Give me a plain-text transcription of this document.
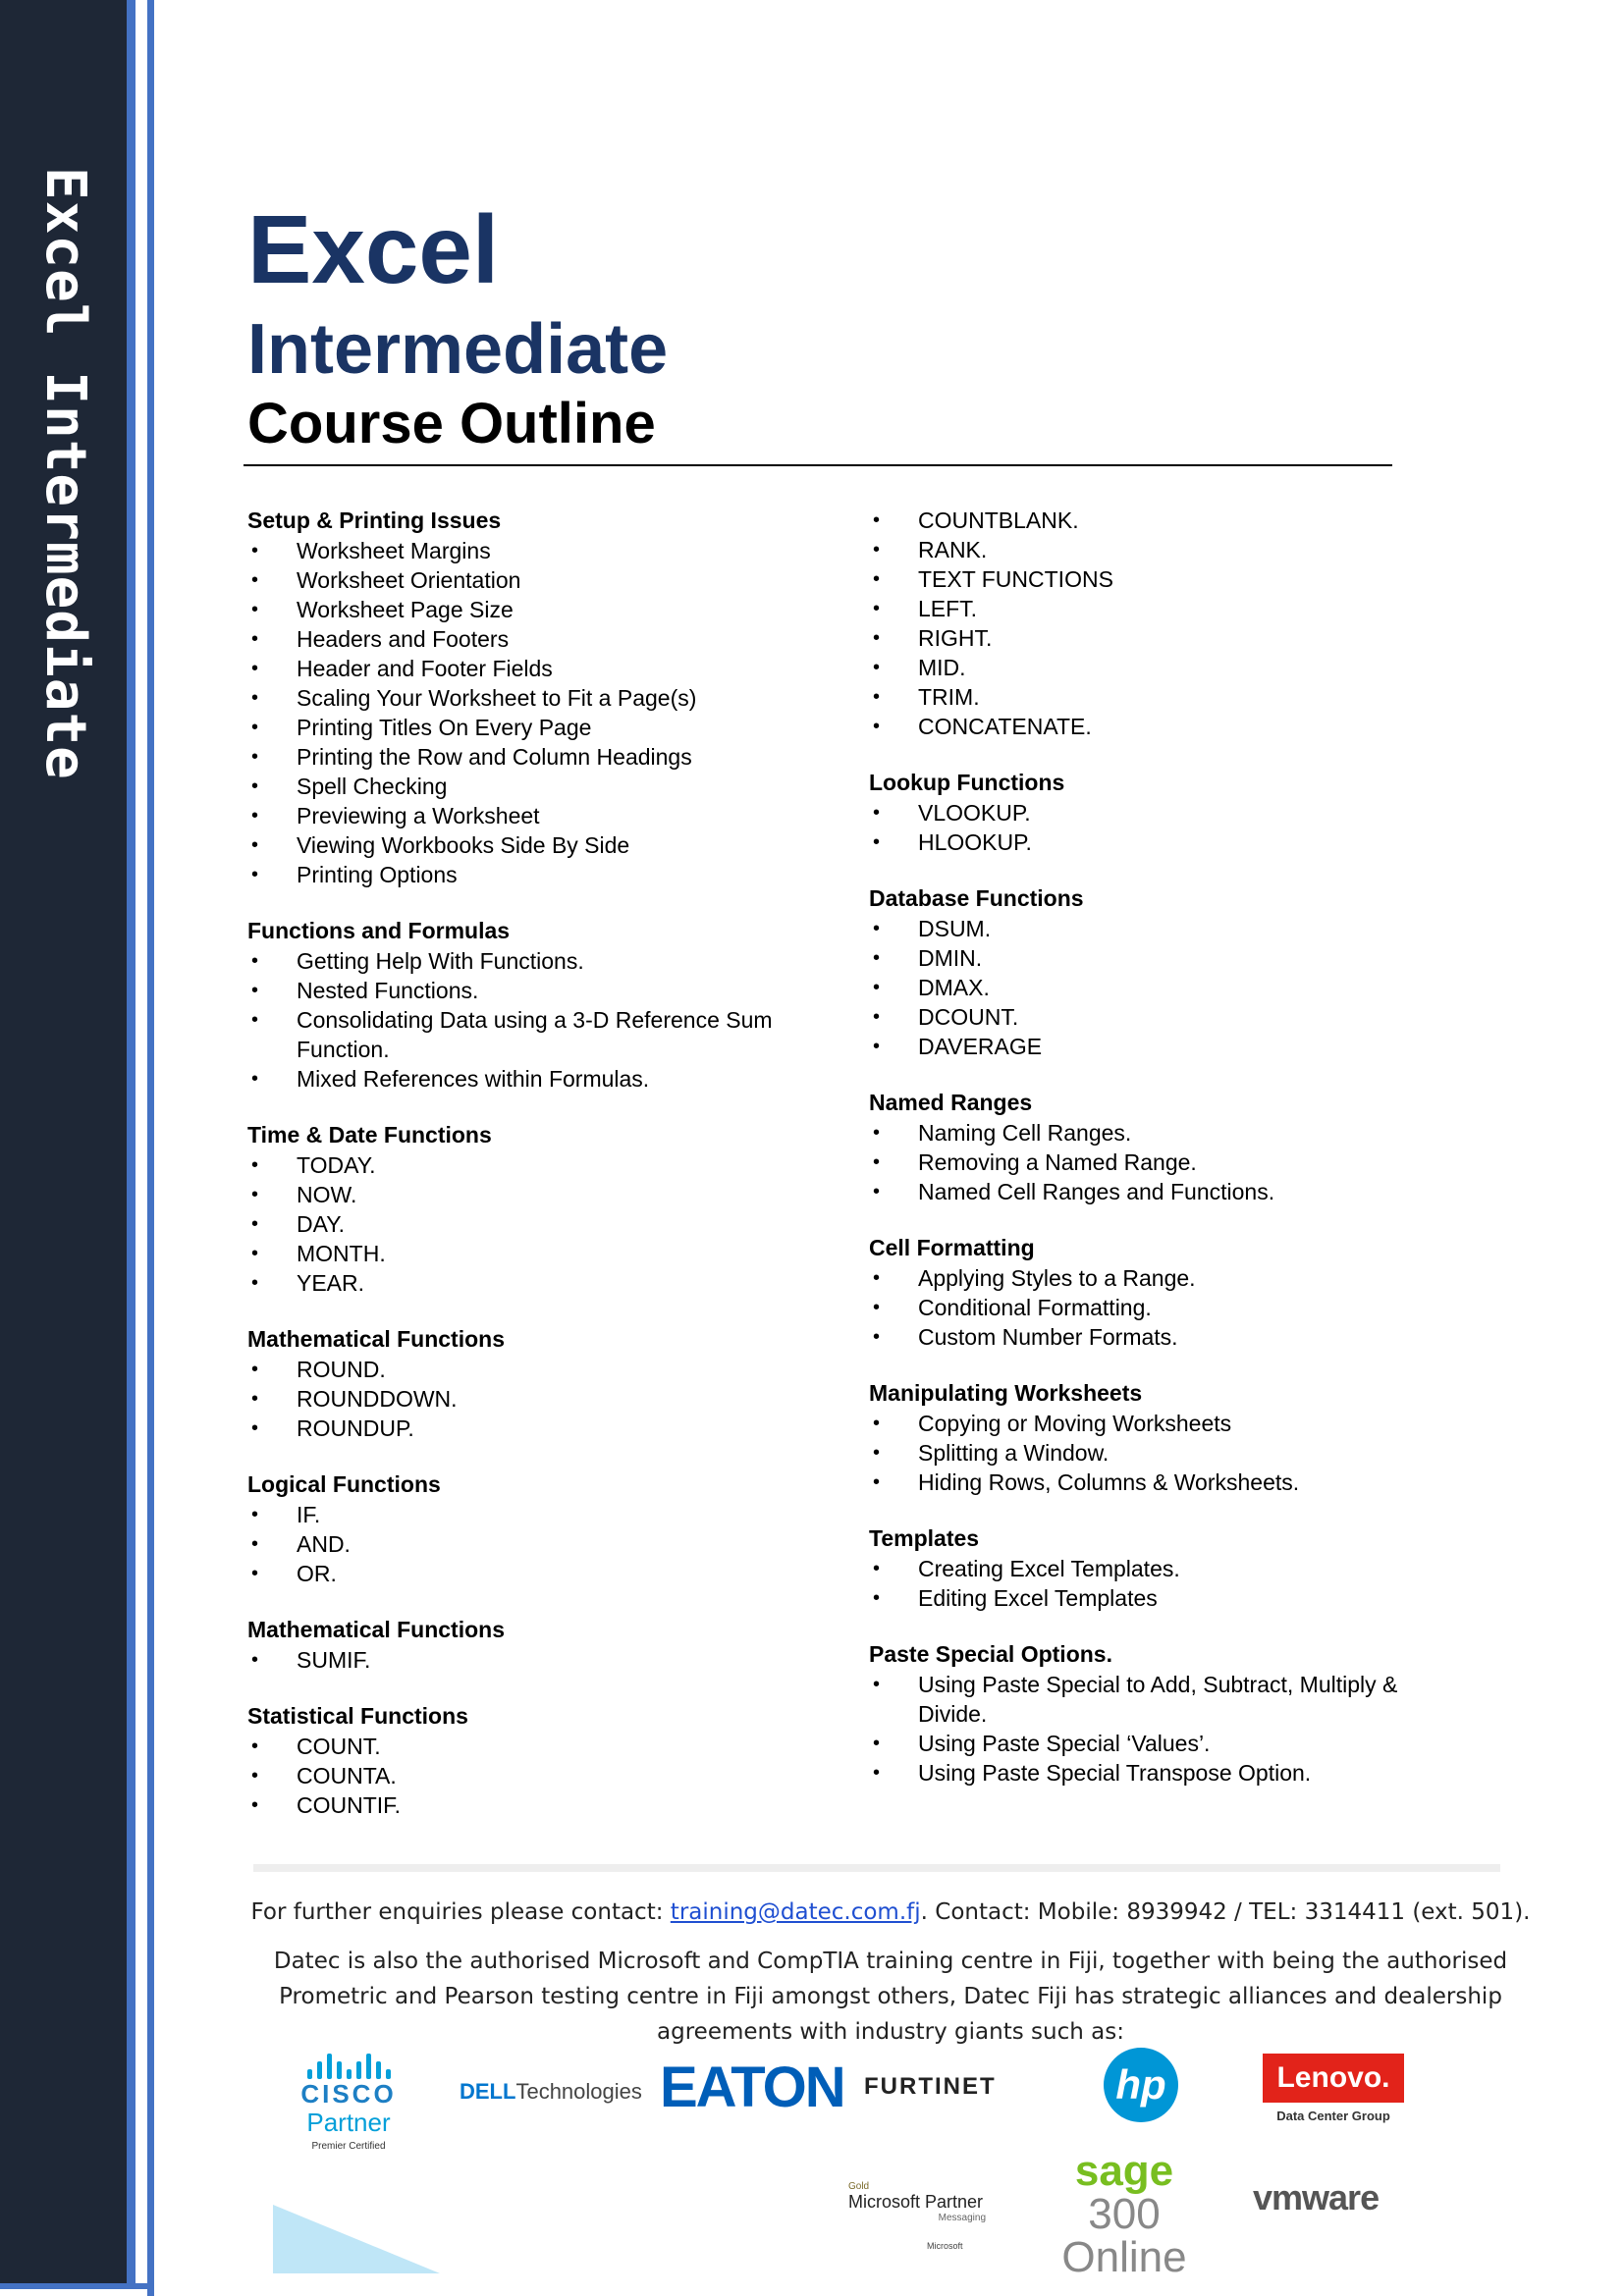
Excel Intermediate Excel
Intermediate
Course Outline
Setup & Printing Issues
• Worksheet Margins
• Worksheet Orientation
• Worksheet Page Size
• Headers and Footers
• Header and Footer Fields
• Scaling Your Worksheet to Fit a Page(s)
• Printing Titles On Every Page
• Printing the Row and Column Headings
• Spell Checking
• Previewing a Worksheet
• Viewing Workbooks Side By Side
• Printing Options
Functions and Formulas
• Getting Help With Functions.
• Nested Functions.
• Consolidating Data using a 3-D Reference Sum Function.
• Mixed References within Formulas.
Time & Date Functions
• TODAY.
• NOW.
• DAY.
• MONTH.
• YEAR.
Mathematical Functions
• ROUND.
• ROUNDDOWN.
• ROUNDUP.
Logical Functions
• IF.
• AND.
• OR.
Mathematical Functions
• SUMIF.
Statistical Functions
• COUNT.
• COUNTA.
• COUNTIF.
• COUNTBLANK.
• RANK.
• TEXT FUNCTIONS
• LEFT.
• RIGHT.
• MID.
• TRIM.
• CONCATENATE.
Lookup Functions
• VLOOKUP.
• HLOOKUP.
Database Functions
• DSUM.
• DMIN.
• DMAX.
• DCOUNT.
• DAVERAGE
Named Ranges
• Naming Cell Ranges.
• Removing a Named Range.
• Named Cell Ranges and Functions.
Cell Formatting
• Applying Styles to a Range.
• Conditional Formatting.
• Custom Number Formats.
Manipulating Worksheets
• Copying or Moving Worksheets
• Splitting a Window.
• Hiding Rows, Columns & Worksheets.
Templates
• Creating Excel Templates.
• Editing Excel Templates
Paste Special Options.
• Using Paste Special to Add, Subtract, Multiply & Divide.
• Using Paste Special ‘Values’.
• Using Paste Special Transpose Option.
For further enquiries please contact: training@datec.com.fj. Contact: Mobile: 8939942 / TEL: 3314411 (ext. 501).
Datec is also the authorised Microsoft and CompTIA training centre in Fiji, together with being the authorised Prometric and Pearson testing centre in Fiji amongst others, Datec Fiji has strategic alliances and dealership agreements with industry giants such as:
CISCO
Partner
Premier Certified
DELLTechnologies EATON FURTINET	hp	Lenovo.
Data Center Group
Gold
Microsoft Partner
Messaging
Microsoft
sage 300
Online
vmware
